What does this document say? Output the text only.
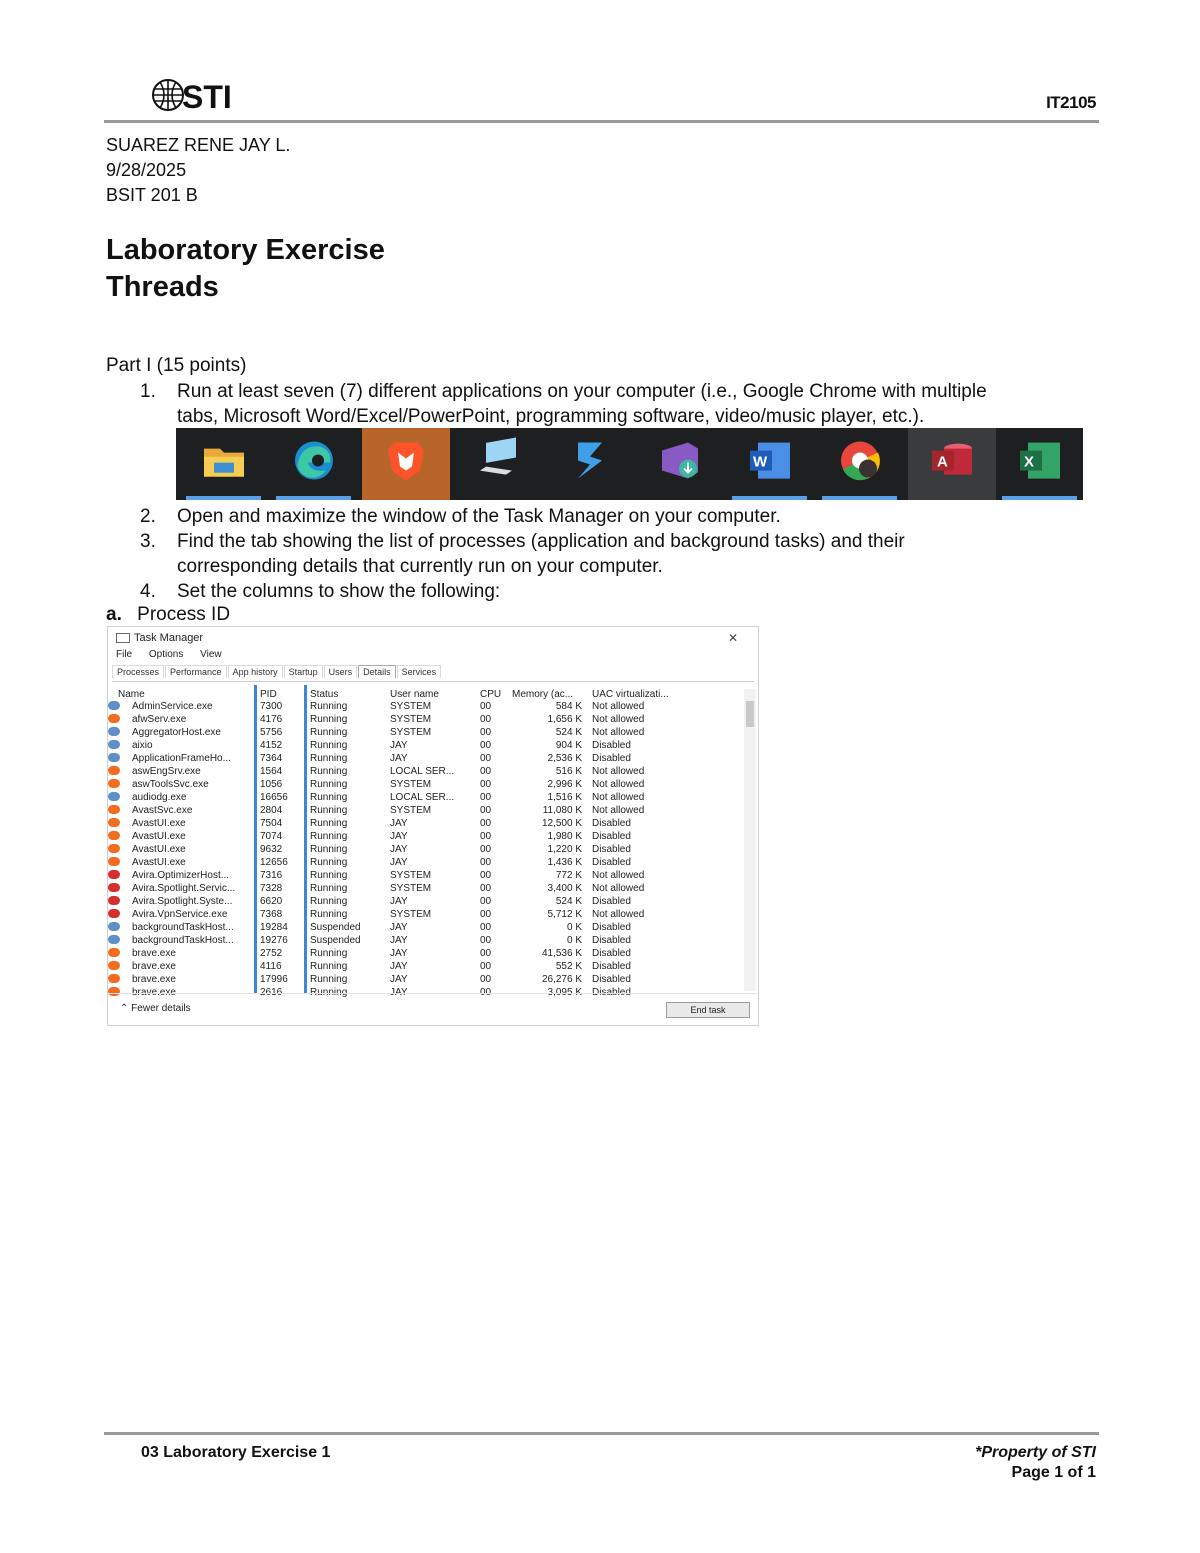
STI	IT2105
SUAREZ RENE JAY L.
9/28/2025
BSIT 201 B
Laboratory Exercise
Threads
Part I (15 points)
1. Run at least seven (7) different applications on your computer (i.e., Google Chrome with multiple
tabs, Microsoft Word/Excel/PowerPoint, programming software, video/music player, etc.).
W	A	X
2. Open and maximize the window of the Task Manager on your computer.
3. Find the tab showing the list of processes (application and background tasks) and their
corresponding details that currently run on your computer.
4. Set the columns to show the following:
a. Process ID
Task Manager	✕
File Options View
Processes Performance App history Startup Users Details Services
Name	PID	Status	User name	CPU Memory (ac... UAC virtualizati...
AdminService.exe	7300	Running	SYSTEM	00	584 K Not allowed
afwServ.exe	4176	Running	SYSTEM	00	1,656 K Not allowed
AggregatorHost.exe	5756	Running	SYSTEM	00	524 K Not allowed
aixio	4152	Running	JAY	00	904 K Disabled
ApplicationFrameHo...	7364	Running	JAY	00	2,536 K Disabled
aswEngSrv.exe	1564	Running	LOCAL SER...	00	516 K Not allowed
aswToolsSvc.exe	1056	Running	SYSTEM	00	2,996 K Not allowed
audiodg.exe	16656 Running	LOCAL SER...	00	1,516 K Not allowed
AvastSvc.exe	2804	Running	SYSTEM	00	11,080 K Not allowed
AvastUI.exe	7504	Running	JAY	00	12,500 K Disabled
AvastUI.exe	7074	Running	JAY	00	1,980 K Disabled
AvastUI.exe	9632	Running	JAY	00	1,220 K Disabled
AvastUI.exe	12656 Running	JAY	00	1,436 K Disabled
Avira.OptimizerHost...	7316	Running	SYSTEM	00	772 K Not allowed
Avira.Spotlight.Servic... 7328	Running	SYSTEM	00	3,400 K Not allowed
Avira.Spotlight.Syste...	6620	Running	JAY	00	524 K Disabled
Avira.VpnService.exe	7368	Running	SYSTEM	00	5,712 K Not allowed
backgroundTaskHost...	19284 Suspended	JAY	00	0 K Disabled
backgroundTaskHost...	19276 Suspended	JAY	00	0 K Disabled
brave.exe	2752	Running	JAY	00	41,536 K Disabled
brave.exe	4116	Running	JAY	00	552 K Disabled
brave.exe	17996 Running	JAY	00	26,276 K Disabled
brave.exe	2616	Running	JAY	00	3,095 K Disabled
⌃ Fewer details	End task
03 Laboratory Exercise 1	*Property of STI
Page 1 of 1
